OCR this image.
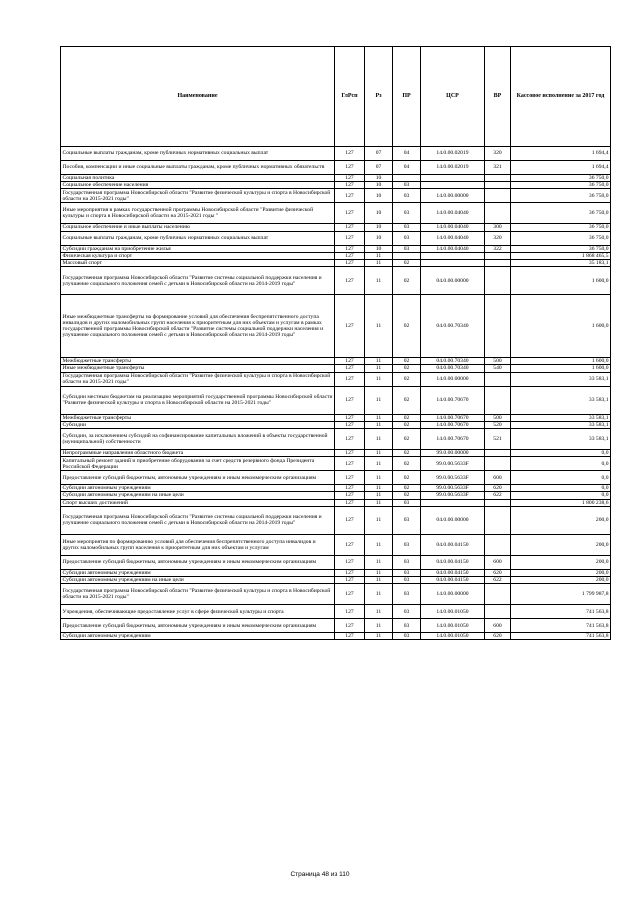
Наименование	ГлРсп	Рз	ПР	ЦСР	ВР	Кассовое исполнение за 2017 год
Социальные выплаты гражданам, кроме публичных нормативных социальных выплат	127	07	04	14.0.00.02019	320	1 694,4
Пособия, компенсации и иные социальные выплаты гражданам, кроме публичных нормативных обязательств	127	07	04	14.0.00.02019	321	1 694,4
Социальная политика	127	10				36 750,0
Социальное обеспечение населения	127	10	03			36 750,0
Государственная программа Новосибирской области "Развитие физической культуры и спорта в Новосибирской области на 2015-2021 годы"	127	10	03	14.0.00.00000		36 750,0
Иные мероприятия в рамках государственной программы Новосибирской области "Развитие физической культуры и спорта в Новосибирской области на 2015-2021 годы "	127	10	03	14.0.00.04040		36 750,0
Социальное обеспечение и иные выплаты населению	127	10	03	14.0.00.04040	300	36 750,0
Социальные выплаты гражданам, кроме публичных нормативных социальных выплат	127	10	03	14.0.00.04040	320	36 750,0
Субсидии гражданам на приобретение жилья	127	10	03	14.0.00.04040	322	36 750,0
Физическая культура и спорт	127	11				1 868 465,5
Массовый спорт	127	11	02			35 183,1
Государственная программа Новосибирской области "Развитие системы социальной поддержки населения и улучшение социального положения семей с детьми в Новосибирской области на 2014-2019 годы"	127	11	02	04.0.00.00000		1 600,0
Иные межбюджетные трансферты на формирование условий для обеспечения беспрепятственного доступа инвалидов и других маломобильных групп населения к приоритетным для них объектам и услугам в рамках государственной программы Новосибирской области "Развитие системы социальной поддержки населения и улучшение социального положения семей с детьми в Новосибирской области на 2014-2019 годы"	127	11	02	04.0.00.70340		1 600,0
Межбюджетные трансферты	127	11	02	04.0.00.70340	500	1 600,0
Иные межбюджетные трансферты	127	11	02	04.0.00.70340	540	1 600,0
Государственная программа Новосибирской области "Развитие физической культуры и спорта в Новосибирской области на 2015-2021 годы"	127	11	02	14.0.00.00000		33 583,1
Субсидии местным бюджетам на реализацию мероприятий государственной программы Новосибирской области "Развитие физической культуры и спорта в Новосибирской области на 2015-2021 годы"	127	11	02	14.0.00.70670		33 583,1
Межбюджетные трансферты	127	11	02	14.0.00.70670	500	33 583,1
Субсидии	127	11	02	14.0.00.70670	520	33 583,1
Субсидии, за исключением субсидий на софинансирование капитальных вложений в объекты государственной (муниципальной) собственности	127	11	02	14.0.00.70670	521	33 583,1
Непрограммные направления областного бюджета	127	11	02	99.0.00.00000		0,0
Капитальный ремонт зданий и приобретение оборудования за счет средств резервного фонда Президента Российской Федерации	127	11	02	99.0.00.5633F		0,0
Предоставление субсидий бюджетным, автономным учреждениям и иным некоммерческим организациям	127	11	02	99.0.00.5633F	600	0,0
Субсидии автономным учреждениям	127	11	02	99.0.00.5633F	620	0,0
Субсидии автономным учреждениям на иные цели	127	11	02	99.0.00.5633F	622	0,0
Спорт высших достижений	127	11	03			1 800 238,6
Государственная программа Новосибирской области "Развитие системы социальной поддержки населения и улучшение социального положения семей с детьми в Новосибирской области на 2014-2019 годы"	127	11	03	04.0.00.00000		200,0
Иные мероприятия по формированию условий для обеспечения беспрепятственного доступа инвалидов и других маломобильных групп населения к приоритетным для них объектам и услугам	127	11	03	04.0.00.04150		200,0
Предоставление субсидий бюджетным, автономным учреждениям и иным некоммерческим организациям	127	11	03	04.0.00.04150	600	200,0
Субсидии автономным учреждениям	127	11	03	04.0.00.04150	620	200,0
Субсидии автономным учреждениям на иные цели	127	11	03	04.0.00.04150	622	200,0
Государственная программа Новосибирской области "Развитие физической культуры и спорта в Новосибирской области на 2015-2021 годы"	127	11	03	14.0.00.00000		1 799 987,8
Учреждения, обеспечивающие предоставление услуг в сфере физической культуры и спорта	127	11	03	14.0.00.01050		741 563,8
Предоставление субсидий бюджетным, автономным учреждениям и иным некоммерческим организациям	127	11	03	14.0.00.01050	600	741 563,8
Субсидии автономным учреждениям	127	11	03	14.0.00.01050	620	741 563,8
Страница 48 из 110
